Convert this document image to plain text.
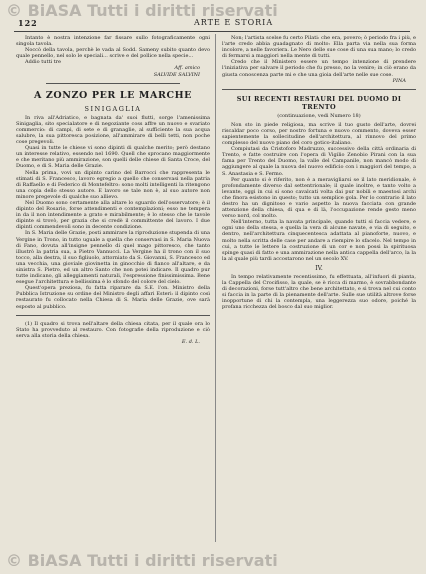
© BiASA Tutti i diritti riservati
122	ARTE E STORIA

Intanto è nostra intenzione far fissare sullo fotograficamente ogni singola tavola.

Noccò della tavola, perchè le vada al Sodd. Sameny subito quanto devo quale pennello, nel solo le speciali... scrive e del pollice nella specie...

Addio tutti tre

Aff. amico
SALVIDE SALVINI
A ZONZO PER LE MARCHE
SINIGAGLIA

In riva all'Adriatico, e bagnata da' suoi flutti, sorge l'amenissima Sinigaglia, sito specialatore e di negoziante coss affre un nuovo e svariato commercio: di campi, di sete e di granaglie, al sufficiente la sua acqua salubre, la sua pittoresca posizione, all'ammirare di belli tetti, non poche cose pregevoli.

Quasi in tutte le chiese vi sono dipinti di qualche merito; però destano un interesse relativo, essendo nel 1690. Quell che sprocano maggiormente e che meritano più ammirazione, son quelli delle chiese di Santa Croce, del Duomo, e di S. Maria delle Grazie.

Nella prima, vovi un dipinto carino del Barrocci che rappresenta le stimati di S. Francesco, lavoro egregio a quello che conservasi nella patria di Raffaello e di Federico di Montefeltro: sono molti intelligenti la ritengono una copia dello stesso autore. E lavoro se tale non è, al suo autore non minore pregevole di qualche suo allievo.

Nel Duomo sono certamente alla altare lo sguardo dell'osservatore; è il dipinto del Rosario, forse attendimenti e contemplazioni; esso ne tempera in da il non intendimente a grato e mirabilmente; è lo stesso che le tavole dipinte si trovò, per grazia che si credè il committente del lavoro. I due dipinti commendevoli sono in decente condizione.

In S. Maria delle Grazie, posti ammirare la riproduzione stupenda di una Vergine in Trono, in tutto uguale a quella che conservasi in S. Maria Nuova di Fano, dovuta all'insigne pennello di quel mago pittoresco, che tanto illustrò la patria sua, a Pietro Vannucci. La Vergine ha il trono con il suo tocco, alla destra, il suo figliuolo, attorniato da S. Giovanni, S. Francesco ed una vecchia, una gioviale giovinetta in ginocchio di fianco all'altare, e da sinistra S. Pietro, ed un altro Santo che non potei indicare. Il quadro pur tutte indicano, gli alleggiamenti naturali, l'espressione finissimissima. Bene esegue l'architettura e bellissima è lo sfondo del colore del cielo.

Quest'opera preziosa, fu fatta riparare da S.E. l'on. Ministro della Pubblica Istruzione su ordine del Ministro degli affari Esteri: il dipinto così restaurato fu collocato nella Chiesa di S. Maria delle Grazie, ove sarà esposto al pubblico.

(1) Il quadro si trova nell'altare della chiesa citata, per il quale ora lo Stato ha provveduto al restauro. Con fotografie della riproduzione e ciò serva alla storia della chiesa.

E. d. L.

Non; l'artista scelse fu certo Pilati: che era, povero; ò periodo fra i più, e l'arte credo abbia guadagnato di molto: Ella parta via nella sua forma incolore, a nelle favoriera. Le Nero delle sue cose di una sua mano; lo credo di fermarsi a maggiori nella mente di tutti.

Credo che il Ministero essere un tempo intenzione di prendere l'iniziativa per salvare il periodo che fu presso, no la venire; in ciò erano da giusta conoscenza parte mi e che una gioia dell'arte nelle sue cose.

PINA
SUI RECENTI RESTAURI DEL DUOMO DI TRENTO
(continuazione, vedi Numero 18)

Non sto in piede religiosa, ma scrive il tuo gusto dell'arte, dovrei riscaldar poco corso, per nostro fortuna e nuovo commento, doveva esser sapientemente la sollecitudine dell'architettura, al rinnovo del primo complesso del nuovo piano del coro gotico-italiano.

Compiutasi da Cristoforo Madruzzo, successivo della città ordinaria di Trento, e fatte costruire con l'opera di Vigilio Zenobio Pirani con la sua fama per Trento del Duomo, la valle del Campanile, non mancò modo di aggiungere al quale la nuova del nuovo edificio con i maggiori del tempo, a S. Anastasia e S. Fermo.

Per quanto si è riferito, non è a meravigliarsi se il lato meridionale, è profondamente diverso dal settentrionale; il quale inoltre, e tanto volto a levante, oggi in cui si sono cavalcati volta dai pur nobili e maestosi archi che finora esistono in questo; tutto un semplice gola. Per lo contrario il lato destro ha un dignitoso e vario aspetto la nuova facciata con grande attenzione della chiesa, di qua e di là, l'occupazione rende gesto meno verso nord, col molto.

Nell'interno, tutta la navata principale, quando tutti si faccia vedere, e ogni uno della stessa, e quella la vera di alcune navate, e via di seguito, e dentro, nell'architettura cinquecentesca adattata al pianoforte, nuovo, e molto nella scritta delle case per andare a riempire lo sfacelo. Nel tempo in cui, a tutte le lettere la costruzione di un cor e non possi la spirituosa spinge quasi di fatto e una ammirazione nella antica cappella dell'arco, la la la al quale più tardi accostarono nel un secolo XV.

IV.

In tempo relativamente recentissimo, fu effettuata, all'infuori di pianta, la Cappella del Crocifisso, la quale, se è ricca di marmo, è sovrabbondante di decorazioni, forse tutt'altro che bene architettato, e si trova nel cui conto si faccia in la parte di la pienamente dell'arte. Sulle sue utilità altrove forse inopportune di chi la contempla, una leggerezza suo odore, poiché la profana ricchezza del bosco dal suo miglior.

© BiASA Tutti i diritti riservati
